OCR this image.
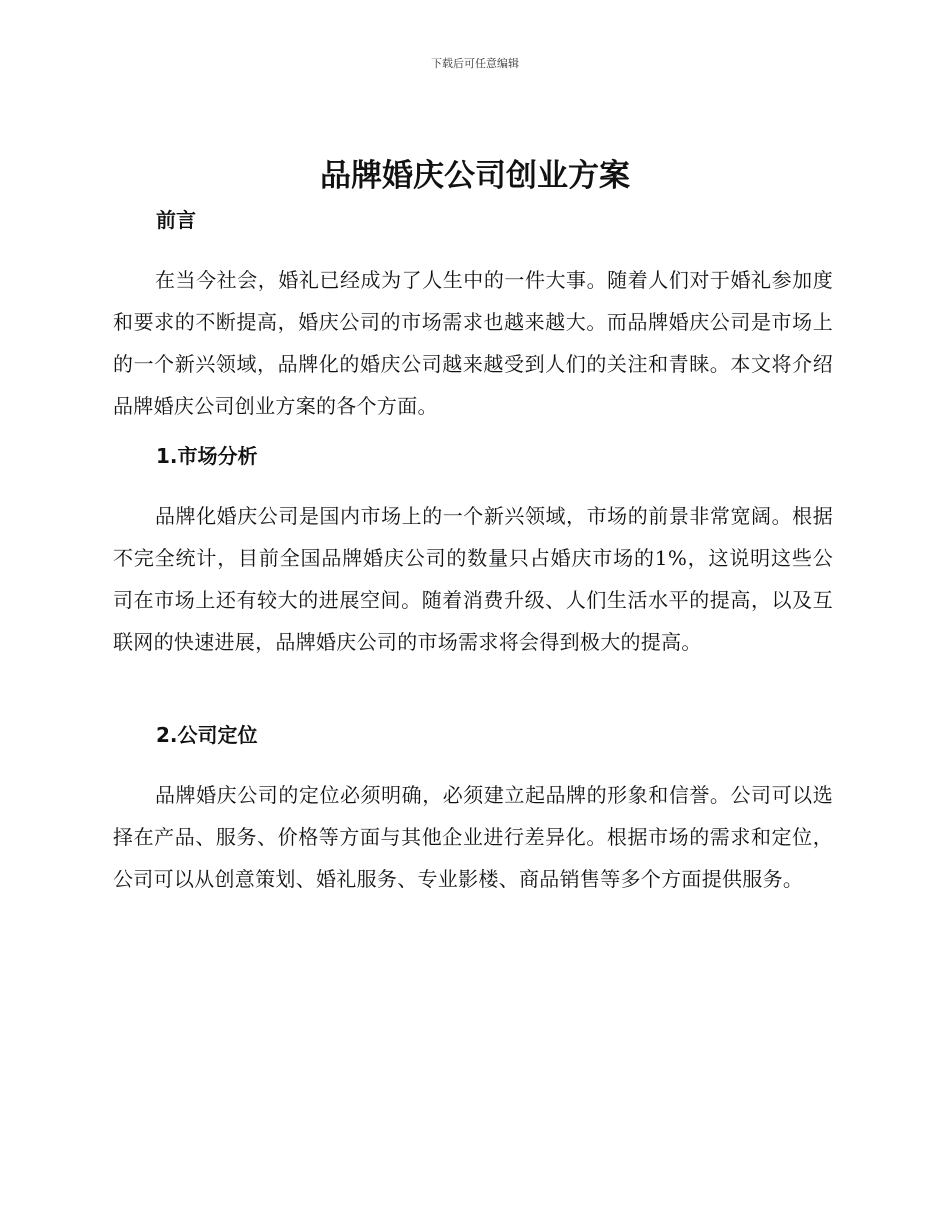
下载后可任意编辑
品牌婚庆公司创业方案
前言

在当今社会，婚礼已经成为了人生中的一件大事。随着人们对于婚礼参加度和要求的不断提高，婚庆公司的市场需求也越来越大。而品牌婚庆公司是市场上的一个新兴领域，品牌化的婚庆公司越来越受到人们的关注和青睐。本文将介绍品牌婚庆公司创业方案的各个方面。

1.市场分析

品牌化婚庆公司是国内市场上的一个新兴领域，市场的前景非常宽阔。根据不完全统计，目前全国品牌婚庆公司的数量只占婚庆市场的1%，这说明这些公司在市场上还有较大的进展空间。随着消费升级、人们生活水平的提高，以及互联网的快速进展，品牌婚庆公司的市场需求将会得到极大的提高。

2.公司定位

品牌婚庆公司的定位必须明确，必须建立起品牌的形象和信誉。公司可以选择在产品、服务、价格等方面与其他企业进行差异化。根据市场的需求和定位，公司可以从创意策划、婚礼服务、专业影楼、商品销售等多个方面提供服务。
